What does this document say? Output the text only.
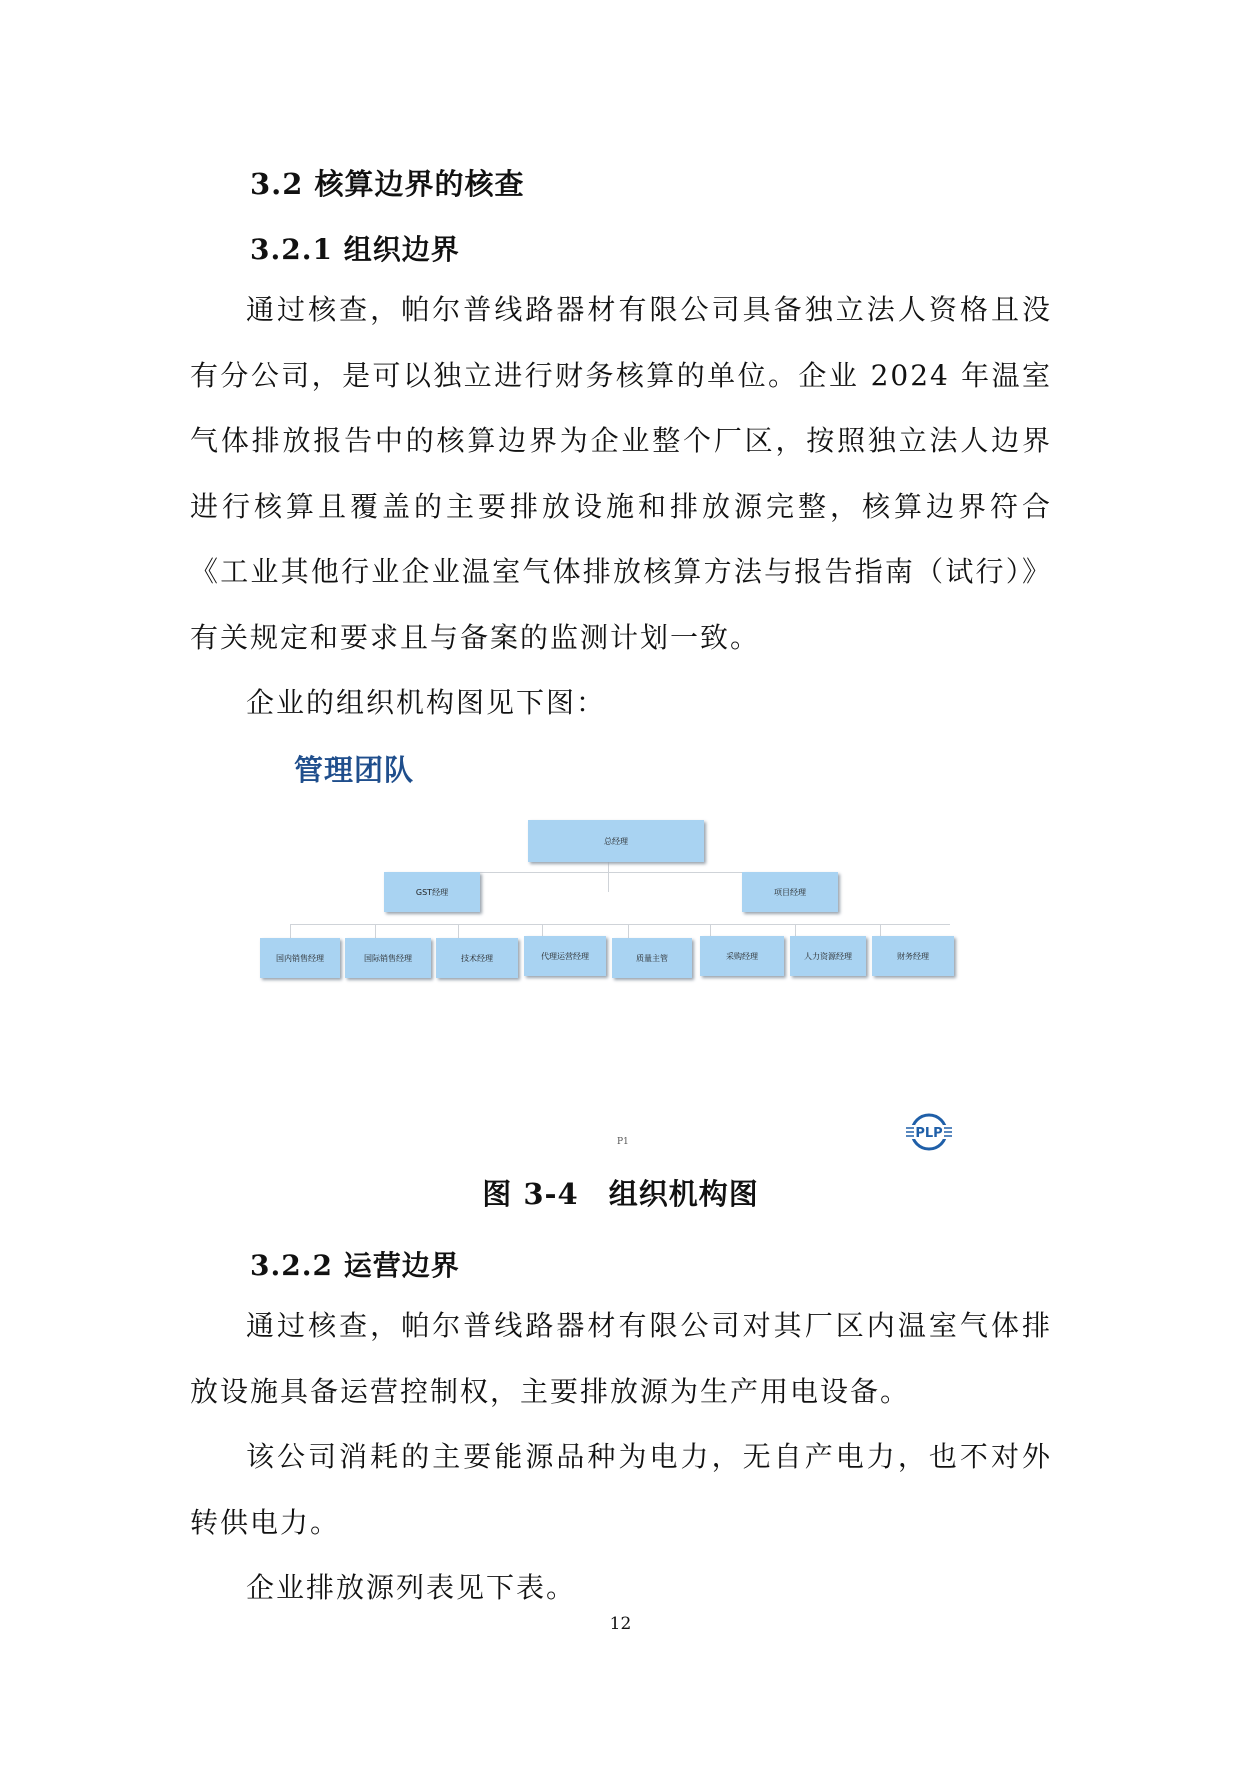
3.2 核算边界的核查
3.2.1 组织边界

通过核查，帕尔普线路器材有限公司具备独立法人资格且没有分公司，是可以独立进行财务核算的单位。企业 2024 年温室气体排放报告中的核算边界为企业整个厂区，按照独立法人边界进行核算且覆盖的主要排放设施和排放源完整，核算边界符合《工业其他行业企业温室气体排放核算方法与报告指南（试行）》有关规定和要求且与备案的监测计划一致。

企业的组织机构图见下图：

管理团队
总经理
GST经理	项目经理
国内销售经理	国际销售经理	技术经理	代理运营经理	质量主管	采购经理	人力资源经理	财务经理
P1
PLP
图 3-4　组织机构图
3.2.2 运营边界

通过核查，帕尔普线路器材有限公司对其厂区内温室气体排放设施具备运营控制权，主要排放源为生产用电设备。

该公司消耗的主要能源品种为电力，无自产电力，也不对外转供电力。

企业排放源列表见下表。

12
